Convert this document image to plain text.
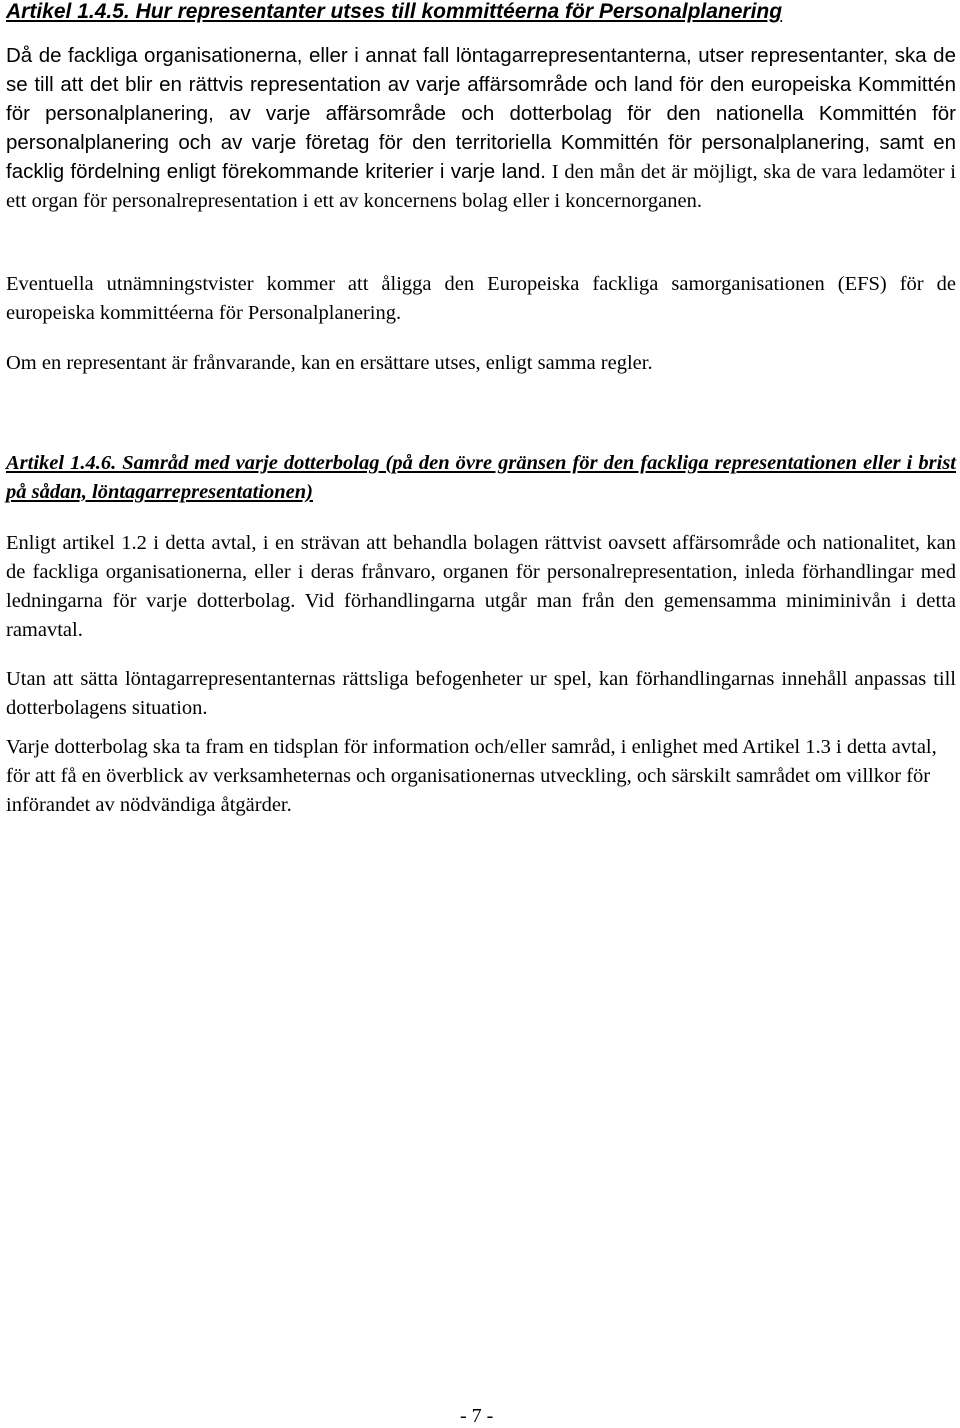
Artikel 1.4.5. Hur representanter utses till kommittéerna för Personalplanering

Då de fackliga organisationerna, eller i annat fall löntagarrepresentanterna, utser representanter, ska de se till att det blir en rättvis representation av varje affärsområde och land för den europeiska Kommittén för personalplanering, av varje affärsområde och dotterbolag för den nationella Kommittén för personalplanering och av varje företag för den territoriella Kommittén för personalplanering, samt en facklig fördelning enligt förekommande kriterier i varje land. I den mån det är möjligt, ska de vara ledamöter i ett organ för personalrepresentation i ett av koncernens bolag eller i koncernorganen.

Eventuella utnämningstvister kommer att åligga den Europeiska fackliga samorganisationen (EFS) för de europeiska kommittéerna för Personalplanering.

Om en representant är frånvarande, kan en ersättare utses, enligt samma regler.

Artikel 1.4.6. Samråd med varje dotterbolag (på den övre gränsen för den fackliga representationen eller i brist på sådan, löntagarrepresentationen)

Enligt artikel 1.2 i detta avtal, i en strävan att behandla bolagen rättvist oavsett affärsområde och nationalitet, kan de fackliga organisationerna, eller i deras frånvaro, organen för personalrepresentation, inleda förhandlingar med ledningarna för varje dotterbolag. Vid förhandlingarna utgår man från den gemensamma miniminivån i detta ramavtal.

Utan att sätta löntagarrepresentanternas rättsliga befogenheter ur spel, kan förhandlingarnas innehåll anpassas till dotterbolagens situation.

Varje dotterbolag ska ta fram en tidsplan för information och/eller samråd, i enlighet med Artikel 1.3 i detta avtal, för att få en överblick av verksamheternas och organisationernas utveckling, och särskilt samrådet om villkor för införandet av nödvändiga åtgärder.

- 7 -
